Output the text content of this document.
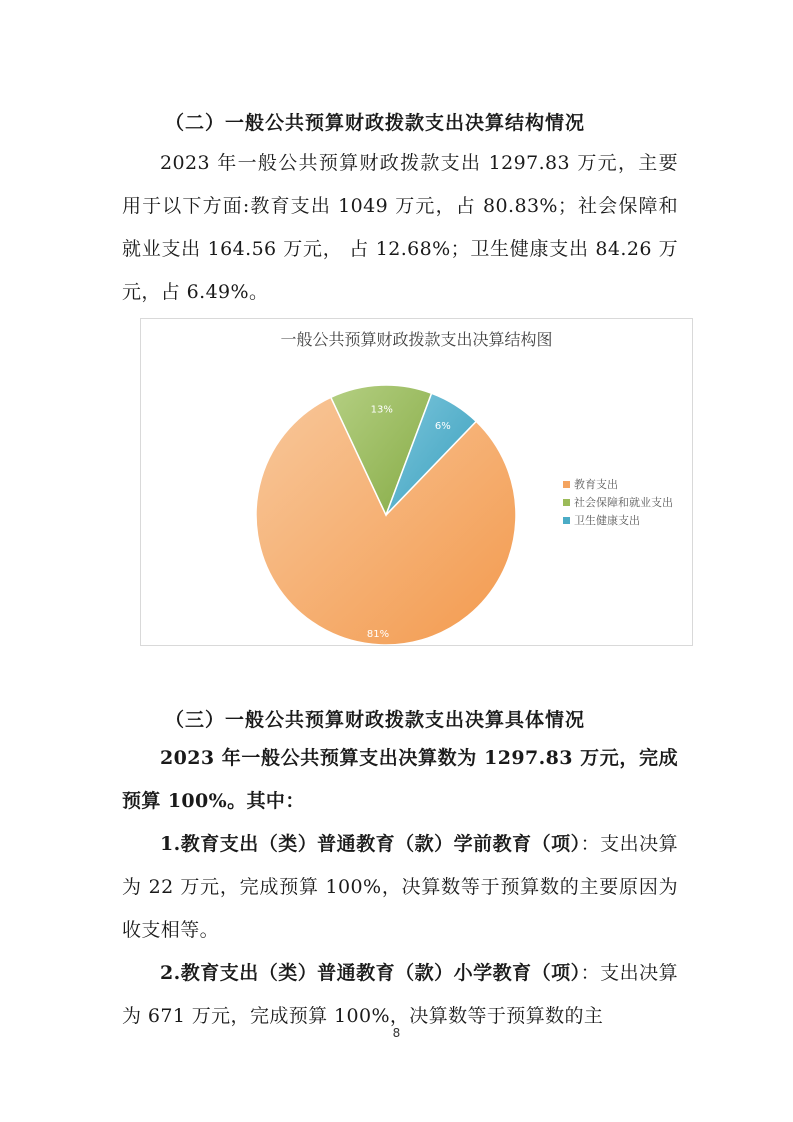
（二）一般公共预算财政拨款支出决算结构情况

2023 年一般公共预算财政拨款支出 1297.83 万元，主要用于以下方面:教育支出 1049 万元，占 80.83%；社会保障和就业支出 164.56 万元， 占 12.68%；卫生健康支出 84.26 万元，占 6.49%。

一般公共预算财政拨款支出决算结构图
81%
13%
6%
教育支出
社会保障和就业支出
卫生健康支出
（三）一般公共预算财政拨款支出决算具体情况

2023 年一般公共预算支出决算数为 1297.83 万元，完成预算 100%。其中：

1.教育支出（类）普通教育（款）学前教育（项）：支出决算为 22 万元，完成预算 100%，决算数等于预算数的主要原因为收支相等。

2.教育支出（类）普通教育（款）小学教育（项）：支出决算为 671 万元，完成预算 100%，决算数等于预算数的主

8
